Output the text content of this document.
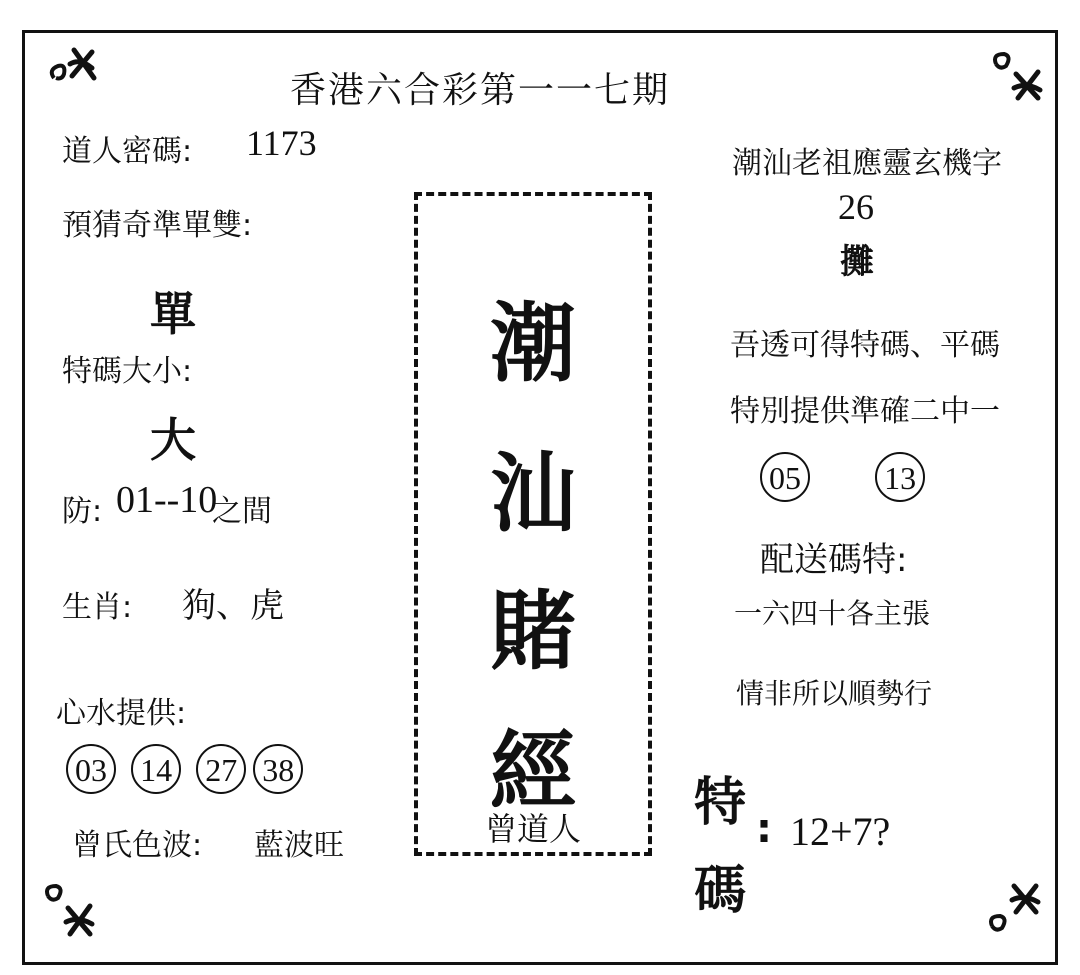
香港六合彩第一一七期
道人密碼: 1173
預猜奇準單雙:
單
特碼大小:
大
防: 01--10
之間
生肖: 狗、虎
心水提供:
03 14 27 38
曾氏色波: 藍波旺
潮
汕
賭
經
曾道人
潮汕老祖應靈玄機字
26
攤
吾透可得特碼、平碼
特別提供準確二中一
05	13
配送碼特:
一六四十各主張
情非所以順勢行
特
碼
: 12+7?
